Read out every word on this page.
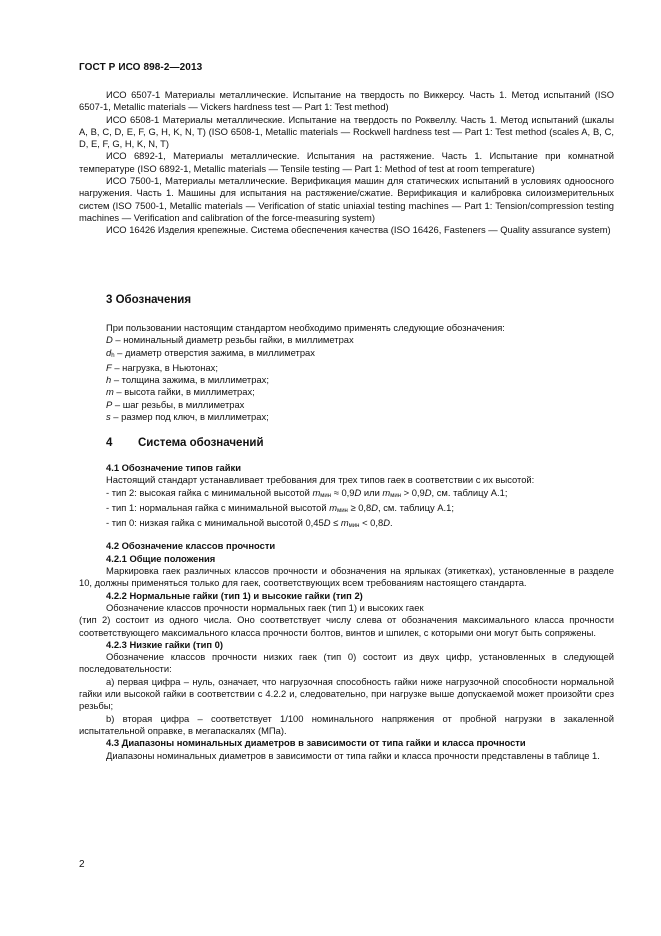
ГОСТ Р ИСО 898-2—2013

ИСО 6507-1 Материалы металлические. Испытание на твердость по Виккерсу. Часть 1. Метод испытаний (ISO 6507-1, Metallic materials — Vickers hardness test — Part 1: Test method)

ИСО 6508-1 Материалы металлические. Испытание на твердость по Роквеллу. Часть 1. Метод испытаний (шкалы A, B, C, D, E, F, G, H, K, N, T) (ISO 6508-1, Metallic materials — Rockwell hardness test — Part 1: Test method (scales A, B, C, D, E, F, G, H, K, N, T)

ИСО 6892-1, Материалы металлические. Испытания на растяжение. Часть 1. Испытание при комнатной температуре (ISO 6892-1, Metallic materials — Tensile testing — Part 1: Method of test at room temperature)

ИСО 7500-1, Материалы металлические. Верификация машин для статических испытаний в условиях одноосного нагружения. Часть 1. Машины для испытания на растяжение/сжатие. Верификация и калибровка силоизмерительных систем (ISO 7500-1, Metallic materials — Verification of static uniaxial testing machines — Part 1: Tension/compression testing machines — Verification and calibration of the force-measuring system)

ИСО 16426 Изделия крепежные. Система обеспечения качества (ISO 16426, Fasteners — Quality assurance system)

3 Обозначения

При пользовании настоящим стандартом необходимо применять следующие обозначения:

D – номинальный диаметр резьбы гайки, в миллиметрах

dh – диаметр отверстия зажима, в миллиметрах

F – нагрузка, в Ньютонах;

h – толщина зажима, в миллиметрах;

m – высота гайки, в миллиметрах;

P – шаг резьбы, в миллиметрах

s – размер под ключ, в миллиметрах;

4 Система обозначений

4.1 Обозначение типов гайки

Настоящий стандарт устанавливает требования для трех типов гаек в соответствии с их высотой:

- тип 2: высокая гайка с минимальной высотой mмин ≈ 0,9D или mмин > 0,9D, см. таблицу А.1;

- тип 1: нормальная гайка с минимальной высотой mмин ≥ 0,8D, см. таблицу А.1;

- тип 0: низкая гайка с минимальной высотой 0,45D ≤ mмин < 0,8D.

4.2 Обозначение классов прочности

4.2.1 Общие положения

Маркировка гаек различных классов прочности и обозначения на ярлыках (этикетках), установленные в разделе 10, должны применяться только для гаек, соответствующих всем требованиям настоящего стандарта.

4.2.2 Нормальные гайки (тип 1) и высокие гайки (тип 2)

Обозначение классов прочности нормальных гаек (тип 1) и высоких гаек

(тип 2) состоит из одного числа. Оно соответствует числу слева от обозначения максимального класса прочности соответствующего максимального класса прочности болтов, винтов и шпилек, с которыми они могут быть сопряжены.

4.2.3 Низкие гайки (тип 0)

Обозначение классов прочности низких гаек (тип 0) состоит из двух цифр, установленных в следующей последовательности:

а) первая цифра – нуль, означает, что нагрузочная способность гайки ниже нагрузочной способности нормальной гайки или высокой гайки в соответствии с 4.2.2 и, следовательно, при нагрузке выше допускаемой может произойти срез резьбы;

b) вторая цифра – соответствует 1/100 номинального напряжения от пробной нагрузки в закаленной испытательной оправке, в мегапаскалях (МПа).

4.3 Диапазоны номинальных диаметров в зависимости от типа гайки и класса прочности

Диапазоны номинальных диаметров в зависимости от типа гайки и класса прочности представлены в таблице 1.

2
